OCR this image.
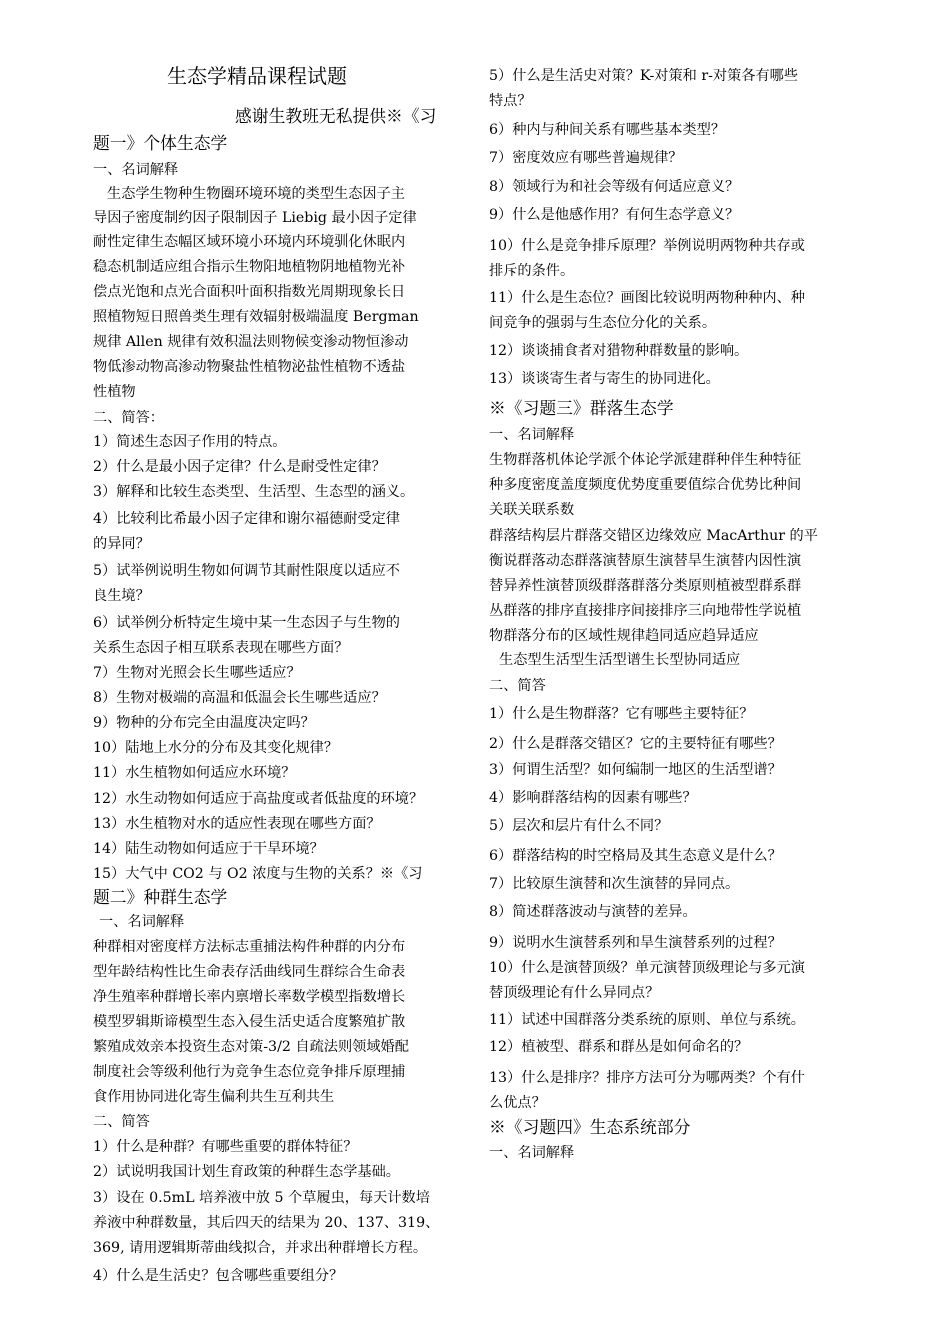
生态学精品课程试题
感谢生教班无私提供※《习
题一》个体生态学
一、名词解释
生态学生物种生物圈环境环境的类型生态因子主
导因子密度制约因子限制因子 Liebig 最小因子定律
耐性定律生态幅区域环境小环境内环境驯化休眠内
稳态机制适应组合指示生物阳地植物阴地植物光补
偿点光饱和点光合面积叶面积指数光周期现象长日
照植物短日照兽类生理有效辐射极端温度 Bergman
规律 Allen 规律有效积温法则物候变渗动物恒渗动
物低渗动物高渗动物聚盐性植物泌盐性植物不透盐
性植物
二、简答：
1）简述生态因子作用的特点。
2）什么是最小因子定律？什么是耐受性定律？
3）解释和比较生态类型、生活型、生态型的涵义。
4）比较利比希最小因子定律和谢尔福德耐受定律
的异同？
5）试举例说明生物如何调节其耐性限度以适应不
良生境？
6）试举例分析特定生境中某一生态因子与生物的
关系生态因子相互联系表现在哪些方面？
7）生物对光照会长生哪些适应？
8）生物对极端的高温和低温会长生哪些适应？
9）物种的分布完全由温度决定吗？
10）陆地上水分的分布及其变化规律？
11）水生植物如何适应水环境？
12）水生动物如何适应于高盐度或者低盐度的环境？
13）水生植物对水的适应性表现在哪些方面？
14）陆生动物如何适应于干旱环境？
15）大气中 CO2 与 O2 浓度与生物的关系？※《习
题二》种群生态学
一、名词解释
种群相对密度样方法标志重捕法构件种群的内分布
型年龄结构性比生命表存活曲线同生群综合生命表
净生殖率种群增长率内禀增长率数学模型指数增长
模型罗辑斯谛模型生态入侵生活史适合度繁殖扩散
繁殖成效亲本投资生态对策-3/2 自疏法则领域婚配
制度社会等级利他行为竞争生态位竞争排斥原理捕
食作用协同进化寄生偏利共生互利共生
二、简答
1）什么是种群？有哪些重要的群体特征？
2）试说明我国计划生育政策的种群生态学基础。
3）设在 0.5mL 培养液中放 5 个草履虫，每天计数培
养液中种群数量，其后四天的结果为 20、137、319、
369, 请用逻辑斯蒂曲线拟合，并求出种群增长方程。
4）什么是生活史？包含哪些重要组分？
5）什么是生活史对策？K-对策和 r-对策各有哪些
特点？
6）种内与种间关系有哪些基本类型？
7）密度效应有哪些普遍规律？
8）领域行为和社会等级有何适应意义？
9）什么是他感作用？有何生态学意义？
10）什么是竞争排斥原理？举例说明两物种共存或
排斥的条件。
11）什么是生态位？画图比较说明两物种种内、种
间竞争的强弱与生态位分化的关系。
12）谈谈捕食者对猎物种群数量的影响。
13）谈谈寄生者与寄生的协同进化。
※《习题三》群落生态学
一、名词解释
生物群落机体论学派个体论学派建群种伴生种特征
种多度密度盖度频度优势度重要值综合优势比种间
关联关联系数
群落结构层片群落交错区边缘效应 MacArthur 的平
衡说群落动态群落演替原生演替旱生演替内因性演
替异养性演替顶级群落群落分类原则植被型群系群
丛群落的排序直接排序间接排序三向地带性学说植
物群落分布的区域性规律趋同适应趋异适应
生态型生活型生活型谱生长型协同适应
二、简答
1）什么是生物群落？它有哪些主要特征？
2）什么是群落交错区？它的主要特征有哪些？
3）何谓生活型？如何编制一地区的生活型谱？
4）影响群落结构的因素有哪些？
5）层次和层片有什么不同？
6）群落结构的时空格局及其生态意义是什么？
7）比较原生演替和次生演替的异同点。
8）简述群落波动与演替的差异。
9）说明水生演替系列和旱生演替系列的过程？
10）什么是演替顶级？单元演替顶级理论与多元演
替顶级理论有什么异同点？
11）试述中国群落分类系统的原则、单位与系统。
12）植被型、群系和群丛是如何命名的？
13）什么是排序？排序方法可分为哪两类？个有什
么优点？
※《习题四》生态系统部分
一、名词解释
